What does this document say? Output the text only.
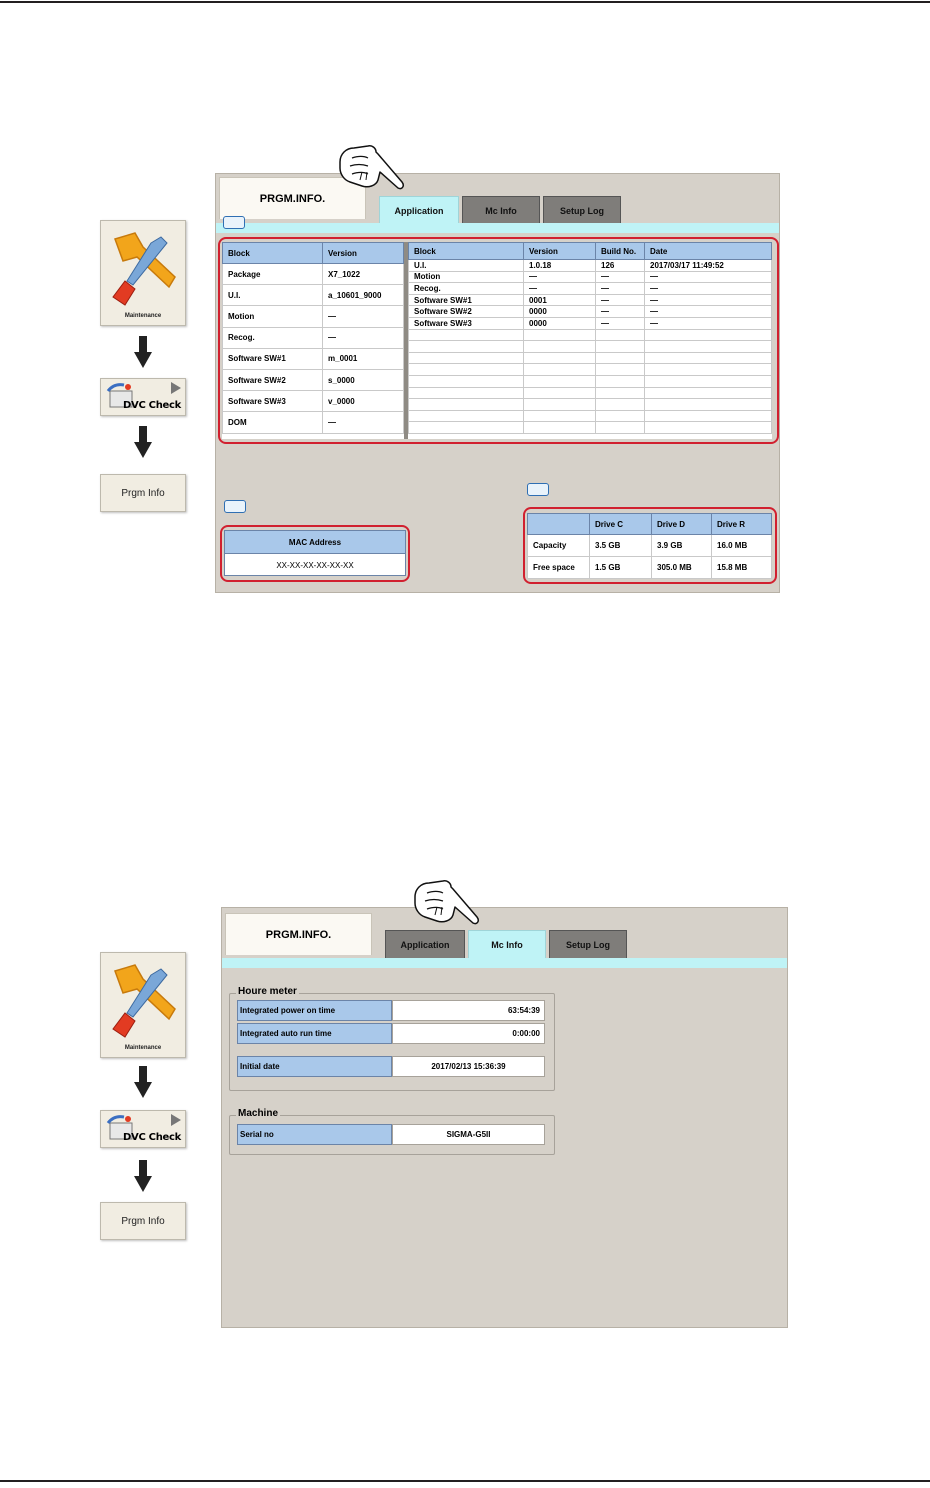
Maintenance
DVC Check
Prgm Info
PRGM.INFO.
Application	Mc Info	Setup Log
Block	Version
Package	X7_1022
U.I.	a_10601_9000
Motion	—
Recog.	—
Software SW#1	m_0001
Software SW#2	s_0000
Software SW#3	v_0000
DOM	—
Block	Version	Build No.	Date
U.I.	1.0.18	126	2017/03/17 11:49:52
Motion	—	—	—
Recog.	—	—	—
Software SW#1	0001	—	—
Software SW#2	0000	—	—
Software SW#3	0000	—	—

MAC Address
XX-XX-XX-XX-XX-XX
	Drive C	Drive D	Drive R
Capacity	3.5 GB	3.9 GB	16.0 MB
Free space	1.5 GB	305.0 MB	15.8 MB
Maintenance
DVC Check
Prgm Info
PRGM.INFO.
Application	Mc Info	Setup Log
Houre meter
Integrated power on time	63:54:39
Integrated auto run time	0:00:00
Initial date	2017/02/13 15:36:39
Machine
Serial no	SIGMA-G5II
